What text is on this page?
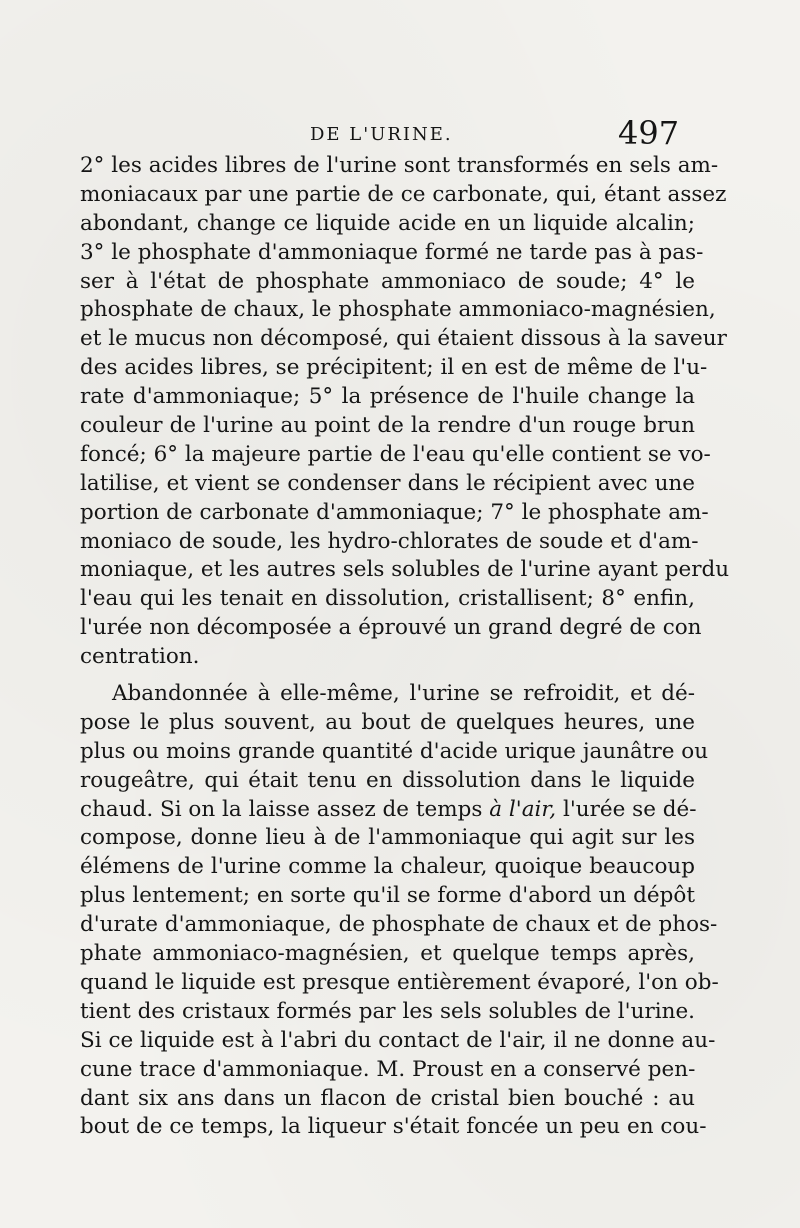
DE L'URINE.	497
2° les acides libres de l'urine sont transformés en sels am-
moniacaux par une partie de ce carbonate, qui, étant assez
abondant, change ce liquide acide en un liquide alcalin;
3° le phosphate d'ammoniaque formé ne tarde pas à pas-
ser à l'état de phosphate ammoniaco de soude; 4° le
phosphate de chaux, le phosphate ammoniaco-magnésien,
et le mucus non décomposé, qui étaient dissous à la saveur
des acides libres, se précipitent; il en est de même de l'u-
rate d'ammoniaque; 5° la présence de l'huile change la
couleur de l'urine au point de la rendre d'un rouge brun
foncé; 6° la majeure partie de l'eau qu'elle contient se vo-
latilise, et vient se condenser dans le récipient avec une
portion de carbonate d'ammoniaque; 7° le phosphate am-
moniaco de soude, les hydro-chlorates de soude et d'am-
moniaque, et les autres sels solubles de l'urine ayant perdu
l'eau qui les tenait en dissolution, cristallisent; 8° enfin,
l'urée non décomposée a éprouvé un grand degré de con
centration.
Abandonnée à elle-même, l'urine se refroidit, et dé-
pose le plus souvent, au bout de quelques heures, une
plus ou moins grande quantité d'acide urique jaunâtre ou
rougeâtre, qui était tenu en dissolution dans le liquide
chaud. Si on la laisse assez de temps à l'air, l'urée se dé-
compose, donne lieu à de l'ammoniaque qui agit sur les
élémens de l'urine comme la chaleur, quoique beaucoup
plus lentement; en sorte qu'il se forme d'abord un dépôt
d'urate d'ammoniaque, de phosphate de chaux et de phos-
phate ammoniaco-magnésien, et quelque temps après,
quand le liquide est presque entièrement évaporé, l'on ob-
tient des cristaux formés par les sels solubles de l'urine.
Si ce liquide est à l'abri du contact de l'air, il ne donne au-
cune trace d'ammoniaque. M. Proust en a conservé pen-
dant six ans dans un flacon de cristal bien bouché : au
bout de ce temps, la liqueur s'était foncée un peu en cou-
